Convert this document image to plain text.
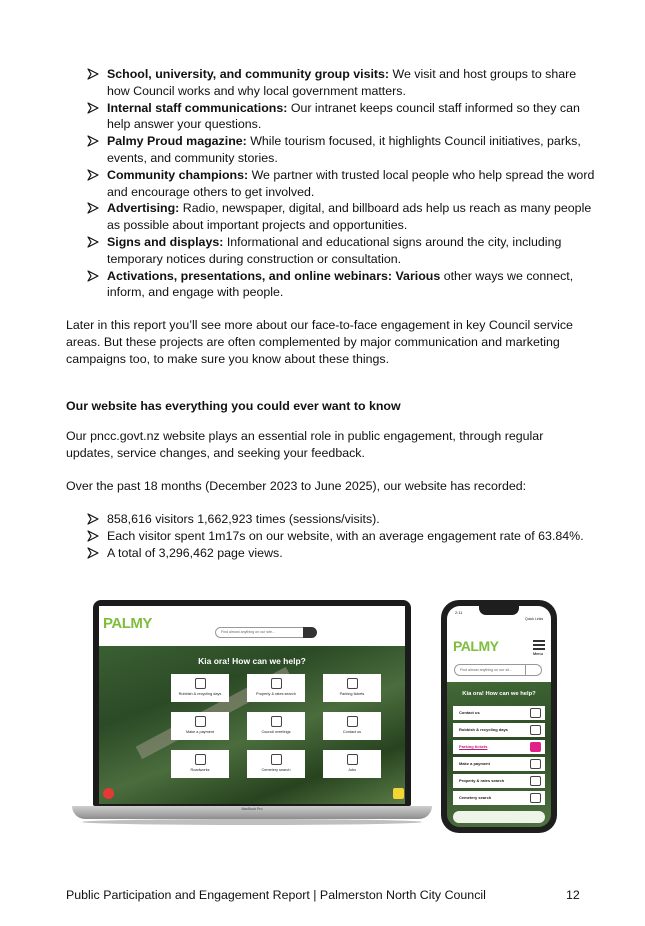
School, university, and community group visits: We visit and host groups to share how Council works and why local government matters.
Internal staff communications: Our intranet keeps council staff informed so they can help answer your questions.
Palmy Proud magazine: While tourism focused, it highlights Council initiatives, parks, events, and community stories.
Community champions: We partner with trusted local people who help spread the word and encourage others to get involved.
Advertising: Radio, newspaper, digital, and billboard ads help us reach as many people as possible about important projects and opportunities.
Signs and displays: Informational and educational signs around the city, including temporary notices during construction or consultation.
Activations, presentations, and online webinars: Various other ways we connect, inform, and engage with people.

Later in this report you’ll see more about our face-to-face engagement in key Council service areas. But these projects are often complemented by major communication and marketing campaigns too, to make sure you know about these things.

Our website has everything you could ever want to know

Our pncc.govt.nz website plays an essential role in public engagement, through regular updates, service changes, and seeking your feedback.

Over the past 18 months (December 2023 to June 2025), our website has recorded:

858,616 visitors 1,662,923 times (sessions/visits).
Each visitor spent 1m17s on our website, with an average engagement rate of 63.84%.
A total of 3,296,462 page views.
PALMY	Find almost anything on our site...
Kia ora! How can we help?
Rubbish & recycling days	Property & rates search	Parking tickets
Make a payment	Council meetings	Contact us
Roadworks	Cemetery search	Jobs
MacBook Pro
2:11
Quick Links
PALMY	Menu
Find almost anything on our sit...
Kia ora! How can we help?
Contact us
Rubbish & recycling days
Parking tickets
Make a payment
Property & rates search
Cemetery search
Public Participation and Engagement Report | Palmerston North City Council	12
